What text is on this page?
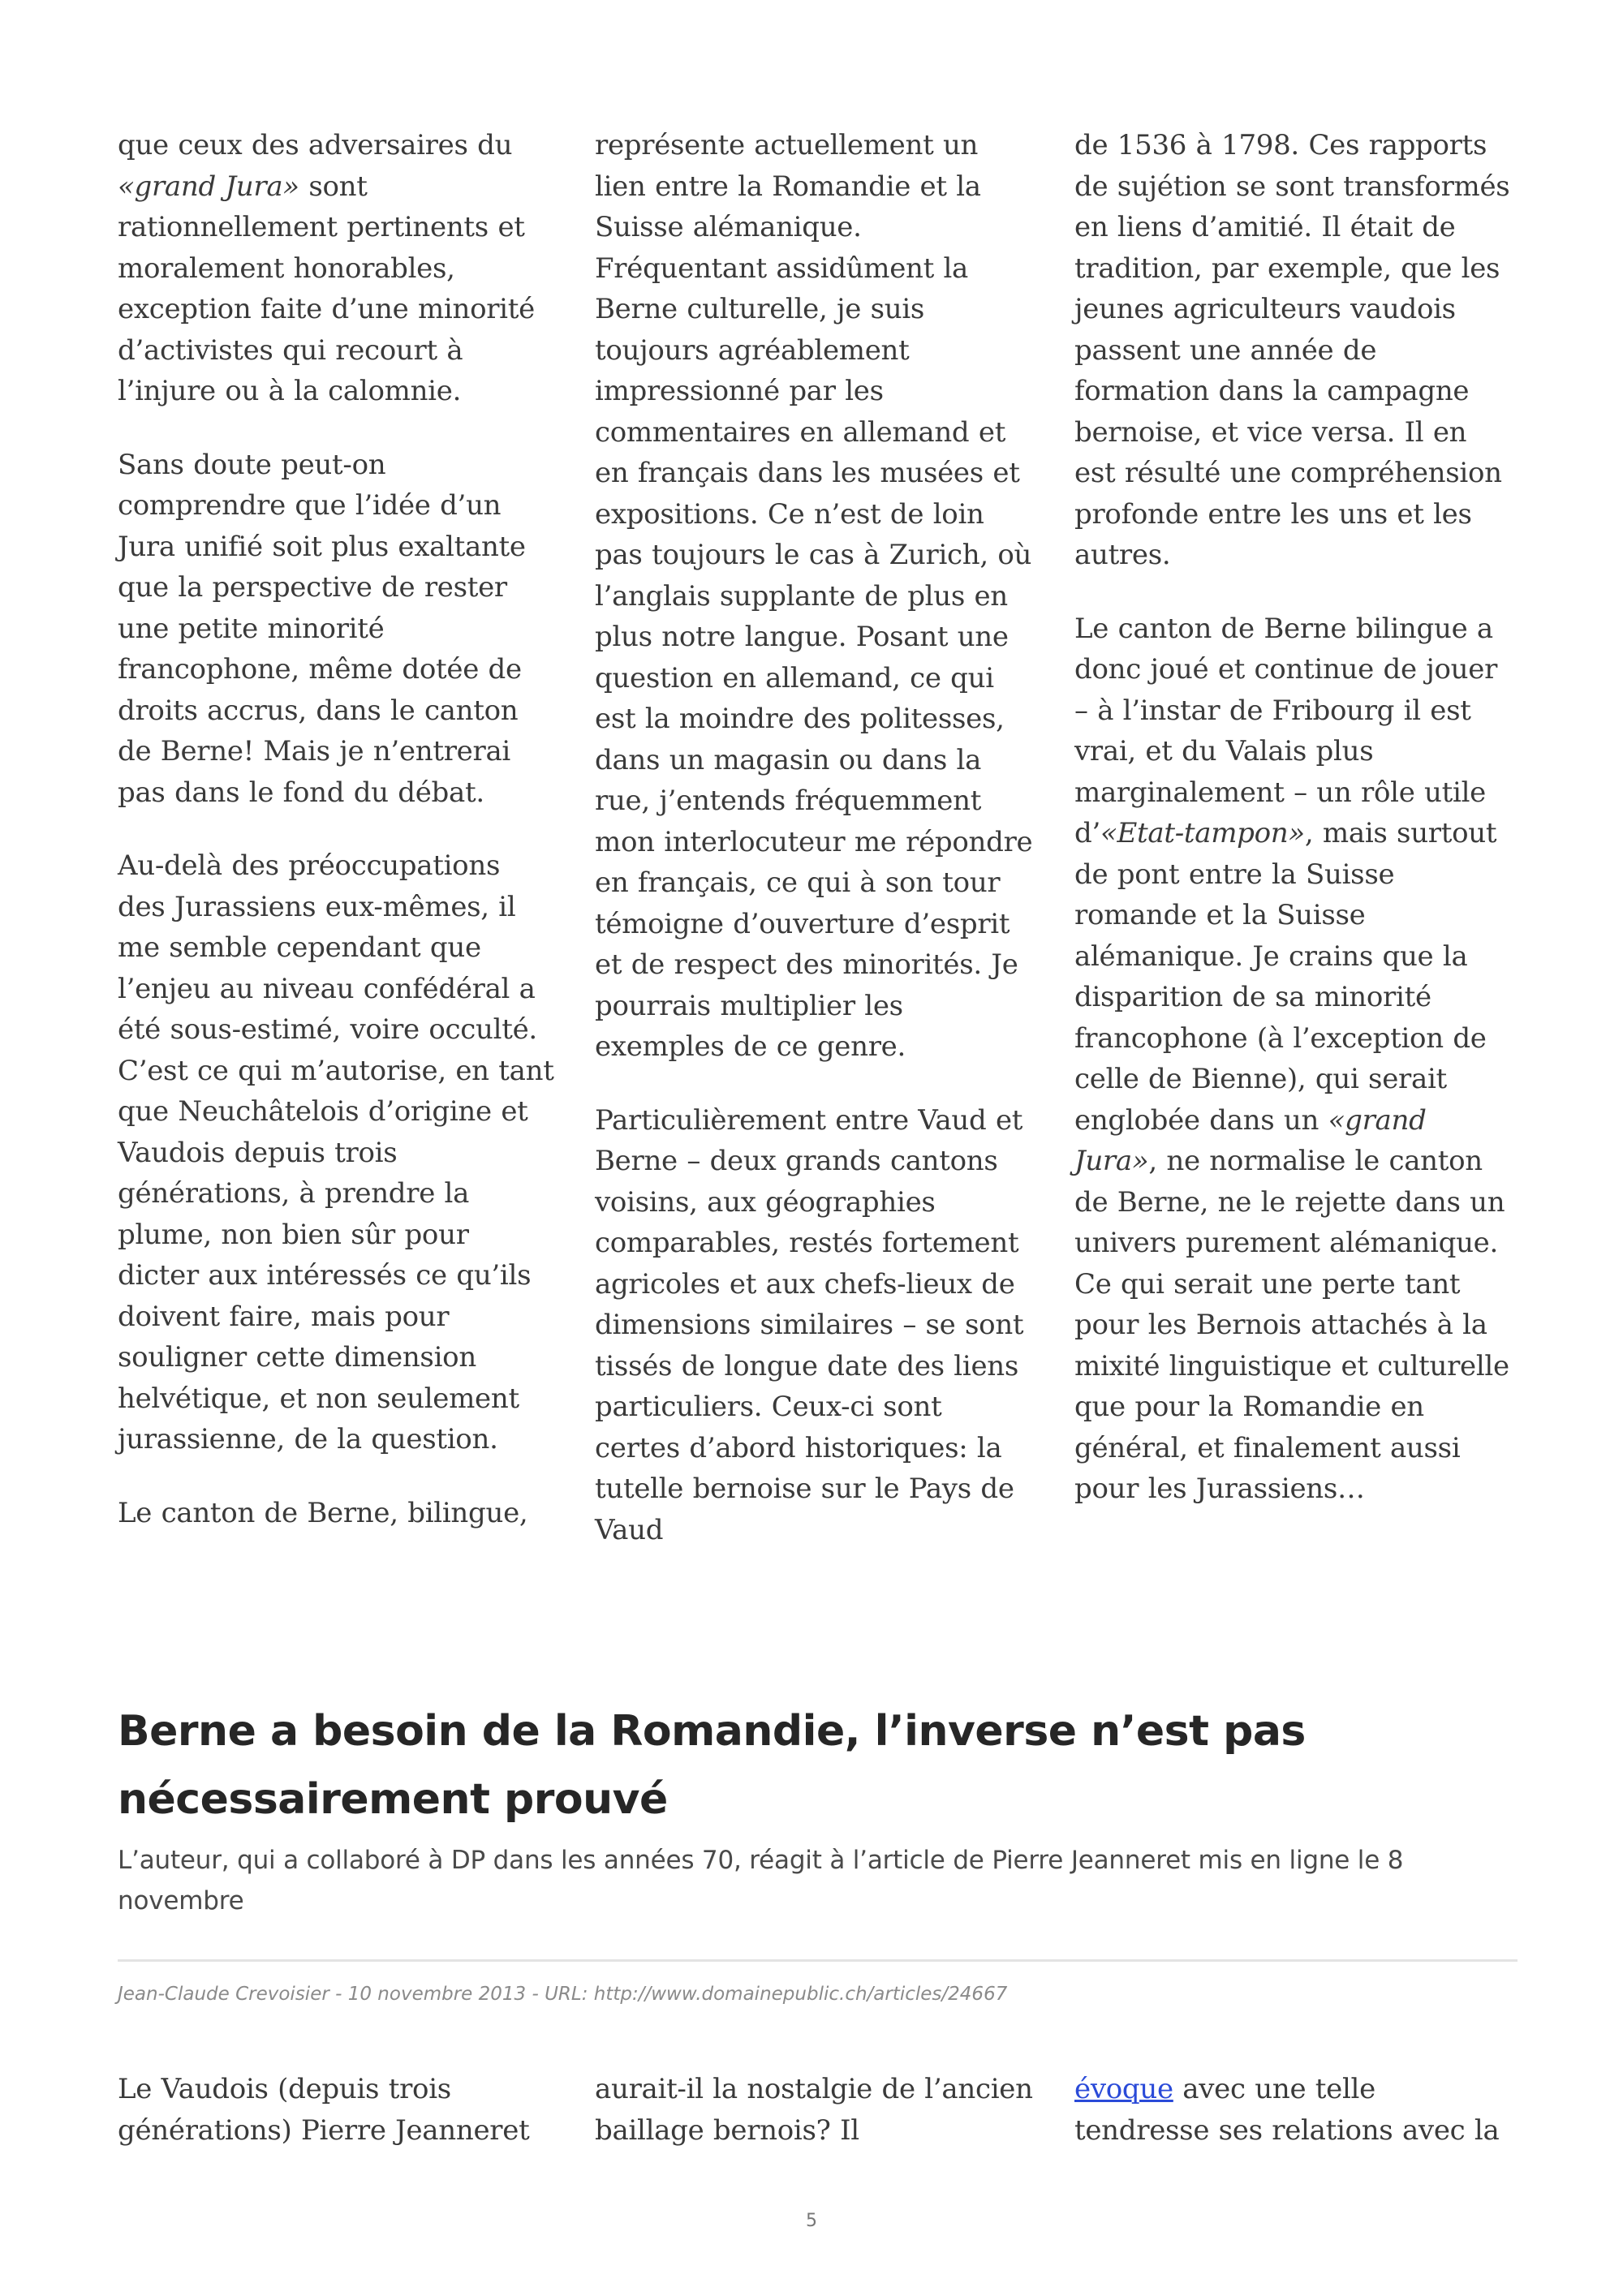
que ceux des adversaires du «grand Jura» sont rationnellement pertinents et moralement honorables, exception faite d’une minorité d’activistes qui recourt à l’injure ou à la calomnie.

Sans doute peut-on comprendre que l’idée d’un Jura unifié soit plus exaltante que la perspective de rester une petite minorité francophone, même dotée de droits accrus, dans le canton de Berne! Mais je n’entrerai pas dans le fond du débat.

Au-delà des préoccupations des Jurassiens eux-mêmes, il me semble cependant que l’enjeu au niveau confédéral a été sous-estimé, voire occulté. C’est ce qui m’autorise, en tant que Neuchâtelois d’origine et Vaudois depuis trois générations, à prendre la plume, non bien sûr pour dicter aux intéressés ce qu’ils doivent faire, mais pour souligner cette dimension helvétique, et non seulement jurassienne, de la question.

Le canton de Berne, bilingue,

représente actuellement un lien entre la Romandie et la Suisse alémanique. Fréquentant assidûment la Berne culturelle, je suis toujours agréablement impressionné par les commentaires en allemand et en français dans les musées et expositions. Ce n’est de loin pas toujours le cas à Zurich, où l’anglais supplante de plus en plus notre langue. Posant une question en allemand, ce qui est la moindre des politesses, dans un magasin ou dans la rue, j’entends fréquemment mon interlocuteur me répondre en français, ce qui à son tour témoigne d’ouverture d’esprit et de respect des minorités. Je pourrais multiplier les exemples de ce genre.

Particulièrement entre Vaud et Berne – deux grands cantons voisins, aux géographies comparables, restés fortement agricoles et aux chefs-lieux de dimensions similaires – se sont tissés de longue date des liens particuliers. Ceux-ci sont certes d’abord historiques: la tutelle bernoise sur le Pays de Vaud

de 1536 à 1798. Ces rapports de sujétion se sont transformés en liens d’amitié. Il était de tradition, par exemple, que les jeunes agriculteurs vaudois passent une année de formation dans la campagne bernoise, et vice versa. Il en est résulté une compréhension profonde entre les uns et les autres.

Le canton de Berne bilingue a donc joué et continue de jouer – à l’instar de Fribourg il est vrai, et du Valais plus marginalement – un rôle utile d’«Etat-tampon», mais surtout de pont entre la Suisse romande et la Suisse alémanique. Je crains que la disparition de sa minorité francophone (à l’exception de celle de Bienne), qui serait englobée dans un «grand Jura», ne normalise le canton de Berne, ne le rejette dans un univers purement alémanique. Ce qui serait une perte tant pour les Bernois attachés à la mixité linguistique et culturelle que pour la Romandie en général, et finalement aussi pour les Jurassiens…

Berne a besoin de la Romandie, l’inverse n’est pas nécessairement prouvé

L’auteur, qui a collaboré à DP dans les années 70, réagit à l’article de Pierre Jeanneret mis en ligne le 8 novembre

Jean-Claude Crevoisier - 10 novembre 2013 - URL: http://www.domainepublic.ch/articles/24667

Le Vaudois (depuis trois générations) Pierre Jeanneret

aurait-il la nostalgie de l’ancien baillage bernois? Il

évoque avec une telle tendresse ses relations avec la

5
